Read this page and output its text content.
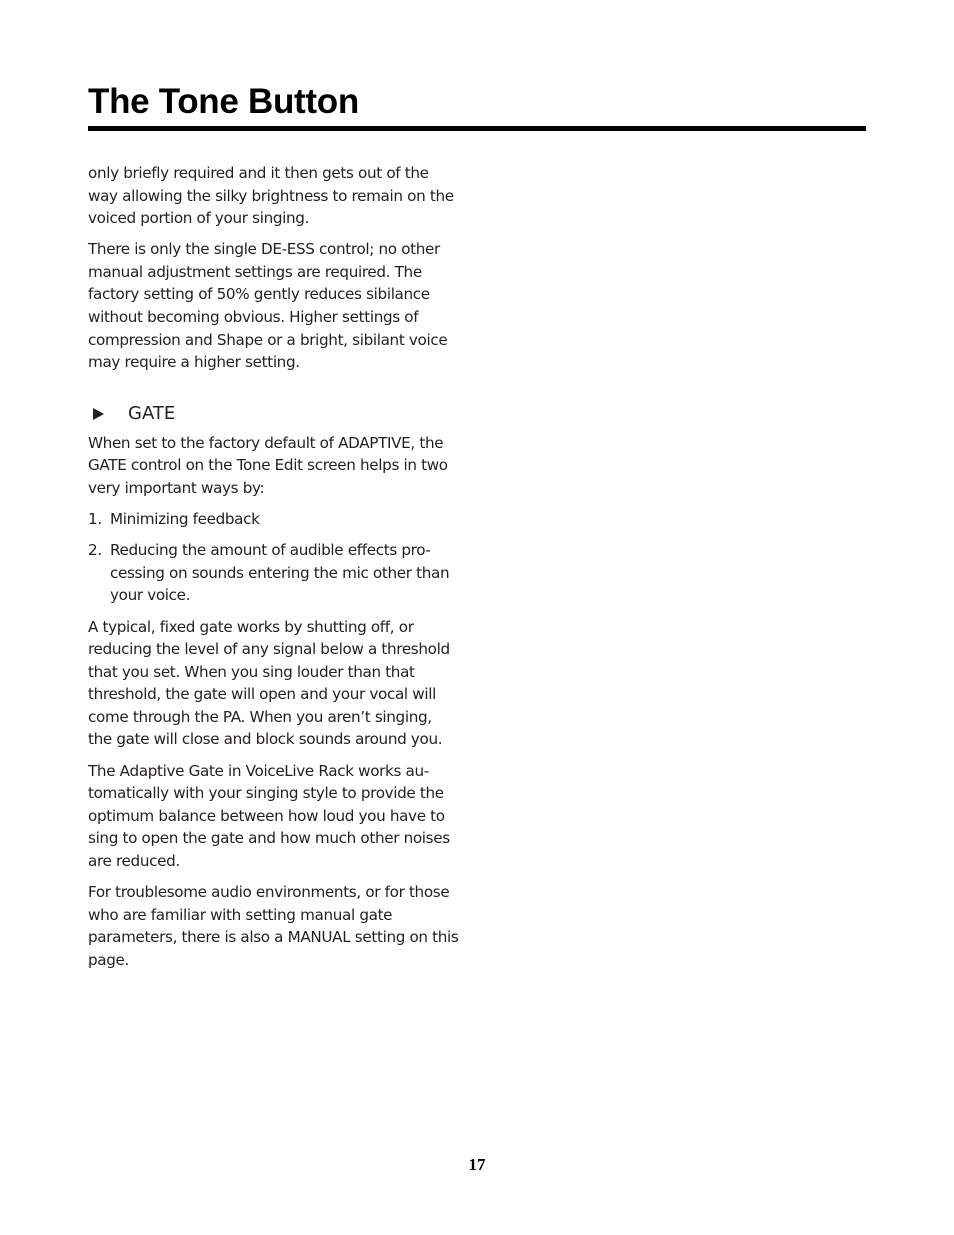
The Tone Button

only briefly required and it then gets out of the way allowing the silky brightness to remain on the voiced portion of your singing.

There is only the single DE-ESS control; no other manual adjustment settings are required. The factory setting of 50% gently reduces sibilance without becoming obvious. Higher settings of compression and Shape or a bright, sibilant voice may require a higher setting.

GATE

When set to the factory default of ADAPTIVE, the GATE control on the Tone Edit screen helps in two very important ways by:

1. Minimizing feedback
2. Reducing the amount of audible effects processing on sounds entering the mic other than your voice.

A typical, fixed gate works by shutting off, or reducing the level of any signal below a threshold that you set. When you sing louder than that threshold, the gate will open and your vocal will come through the PA. When you aren’t singing, the gate will close and block sounds around you.

The Adaptive Gate in VoiceLive Rack works automatically with your singing style to provide the optimum balance between how loud you have to sing to open the gate and how much other noises are reduced.

For troublesome audio environments, or for those who are familiar with setting manual gate parameters, there is also a MANUAL setting on this page.

17
